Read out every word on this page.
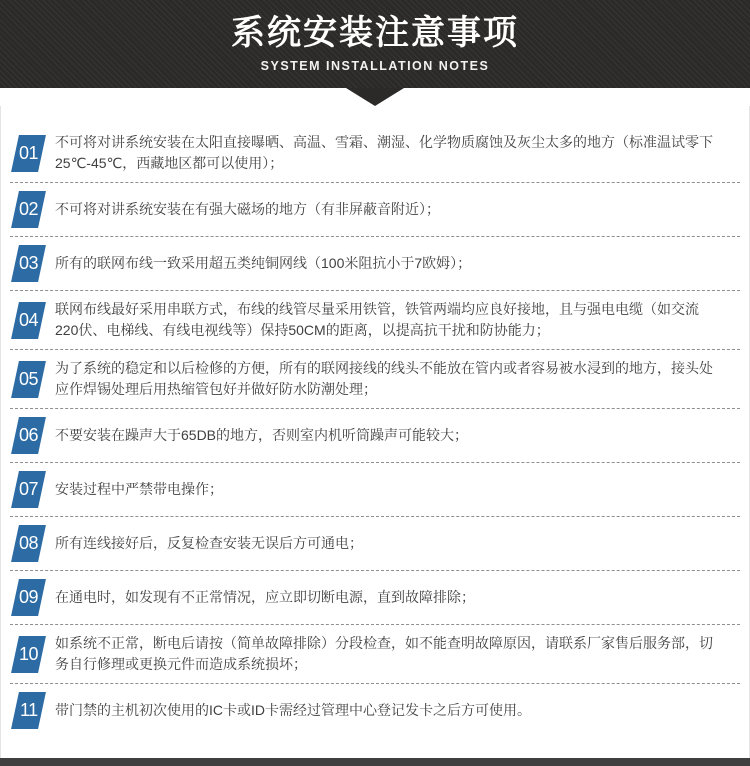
系统安装注意事项
SYSTEM INSTALLATION NOTES
01

不可将对讲系统安装在太阳直接曝晒、高温、雪霜、潮湿、化学物质腐蚀及灰尘太多的地方（标准温试零下25℃-45℃，西藏地区都可以使用）；

02 不可将对讲系统安装在有强大磁场的地方（有非屏蔽音附近）；

03 所有的联网布线一致采用超五类纯铜网线（100米阻抗小于7欧姆）；

04

联网布线最好采用串联方式，布线的线管尽量采用铁管，铁管两端均应良好接地，且与强电电缆（如交流220伏、电梯线、有线电视线等）保持50CM的距离，以提高抗干扰和防协能力；

05

为了系统的稳定和以后检修的方便，所有的联网接线的线头不能放在管内或者容易被水浸到的地方，接头处应作焊锡处理后用热缩管包好并做好防水防潮处理；

06 不要安装在躁声大于65DB的地方，否则室内机听筒躁声可能较大；

07 安装过程中严禁带电操作；

08 所有连线接好后，反复检查安装无误后方可通电；

09 在通电时，如发现有不正常情况，应立即切断电源，直到故障排除；

10

如系统不正常，断电后请按（简单故障排除）分段检查，如不能查明故障原因，请联系厂家售后服务部，切务自行修理或更换元件而造成系统损坏；

11 带门禁的主机初次使用的IC卡或ID卡需经过管理中心登记发卡之后方可使用。
